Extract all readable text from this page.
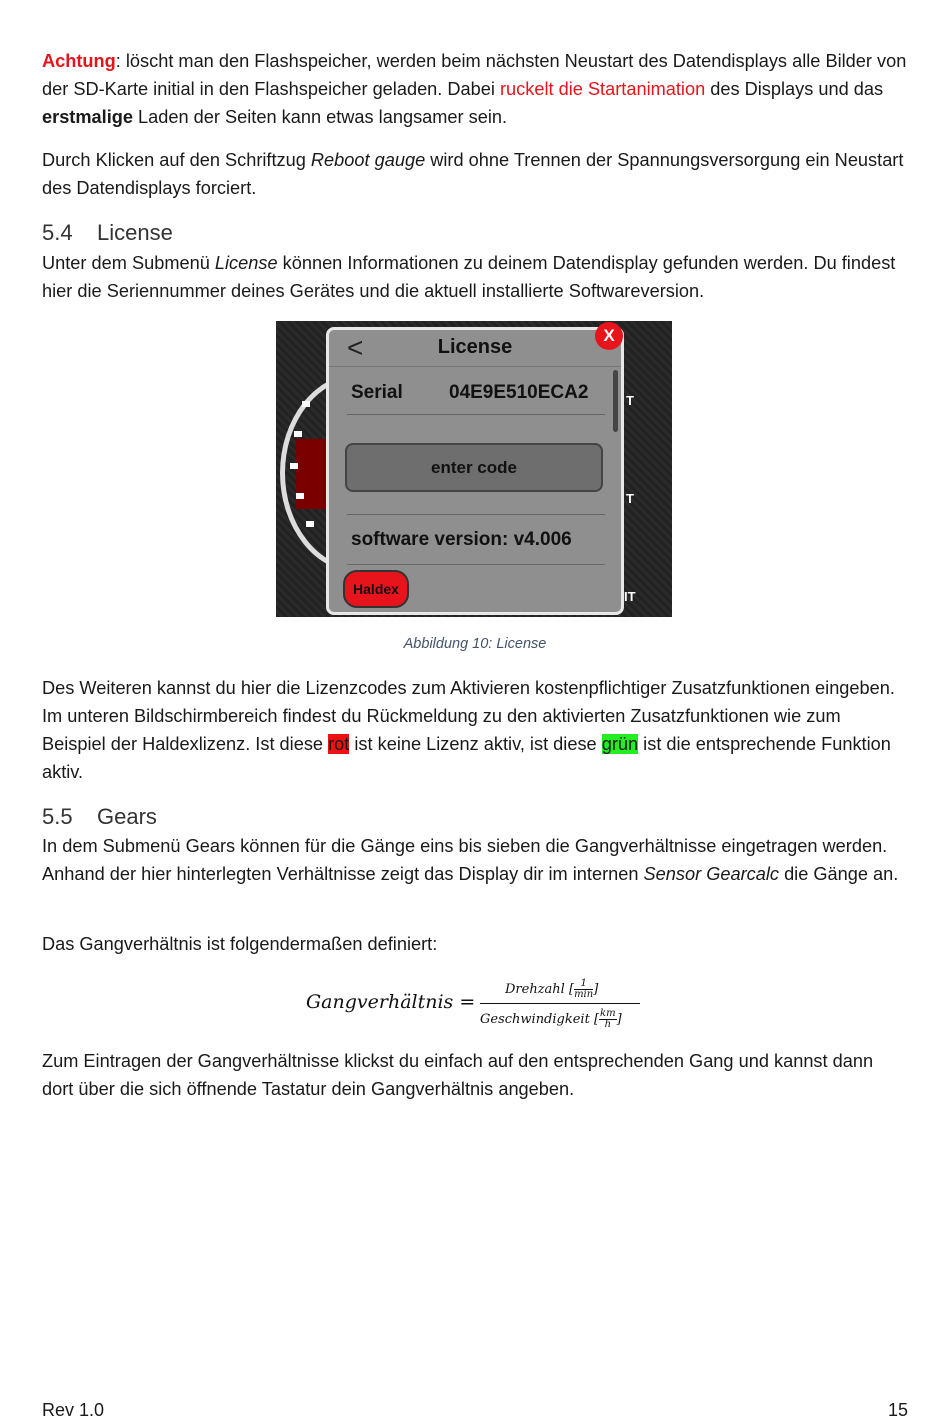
Achtung: löscht man den Flashspeicher, werden beim nächsten Neustart des Datendisplays alle Bilder von der SD-Karte initial in den Flashspeicher geladen. Dabei ruckelt die Startanimation des Displays und das erstmalige Laden der Seiten kann etwas langsamer sein.

Durch Klicken auf den Schriftzug Reboot gauge wird ohne Trennen der Spannungsversorgung ein Neustart des Datendisplays forciert.

5.4 License

Unter dem Submenü License können Informationen zu deinem Datendisplay gefunden werden. Du findest hier die Seriennummer deines Gerätes und die aktuell installierte Softwareversion.

T
T
IT
<	License
Serial 04E9E510ECA2
enter code
software version: v4.006
Haldex
X

Des Weiteren kannst du hier die Lizenzcodes zum Aktivieren kostenpflichtiger Zusatzfunktionen eingeben. Im unteren Bildschirmbereich findest du Rückmeldung zu den aktivierten Zusatzfunktionen wie zum Beispiel der Haldexlizenz. Ist diese rot ist keine Lizenz aktiv, ist diese grün ist die entsprechende Funktion aktiv.

5.5 Gears

In dem Submenü Gears können für die Gänge eins bis sieben die Gangverhältnisse eingetragen werden. Anhand der hier hinterlegten Verhältnisse zeigt das Display dir im internen Sensor Gearcalc die Gänge an.

Das Gangverhältnis ist folgendermaßen definiert:

Zum Eintragen der Gangverhältnisse klickst du einfach auf den entsprechenden Gang und kannst dann dort über die sich öffnende Tastatur dein Gangverhältnis angeben.

Abbildung 10: License
Gangverhältnis =
Drehzahl [ $\frac{1}{\min}$ ]
Geschwindigkeit [ $\frac{km}{h}$ ]
Rev 1.0	15
